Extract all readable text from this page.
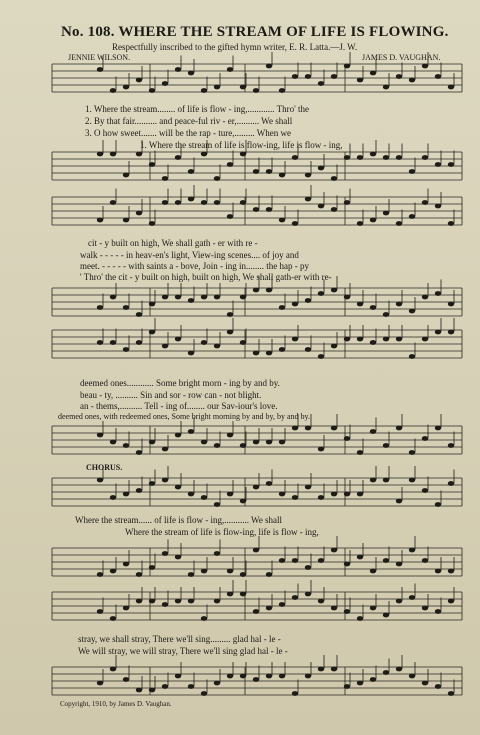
No. 108. WHERE THE STREAM OF LIFE IS FLOWING.
Respectfully inscribed to the gifted hymn writer, E. R. Latta.—J. W.
JENNIE WILSON.	JAMES D. VAUGHAN.
1. Where the stream........ of life is flow - ing,............ Thro' the
2. By that fair.......... and peace-ful riv - er,.......... We shall
3. O how sweet....... will be the rap - ture,......... When we
1. Where the stream of life is flow-ing, life is flow - ing,
cit - y built on high, We shall gath - er with re -
walk - - - - - in heav-en's light, View-ing scenes.... of joy and
meet. - - - - - with saints a - bove, Join - ing in........ the hap - py
' Thro' the cit - y built on high, built on high, We shall gath-er with re-
deemed ones............ Some bright morn - ing by and by.
beau - ty, .......... Sin and sor - row can - not blight.
an - thems,.......... Tell - ing of........ our Sav-iour's love.
deemed ones, with redeemed ones, Some bright morning by and by, by and by.
CHORUS.
Where the stream...... of life is flow - ing,........... We shall
Where the stream of life is flow-ing, life is flow - ing,
stray, we shall stray, There we'll sing......... glad hal - le -
We will stray, we will stray, There we'll sing glad hal - le -
Copyright, 1910, by James D. Vaughan.
